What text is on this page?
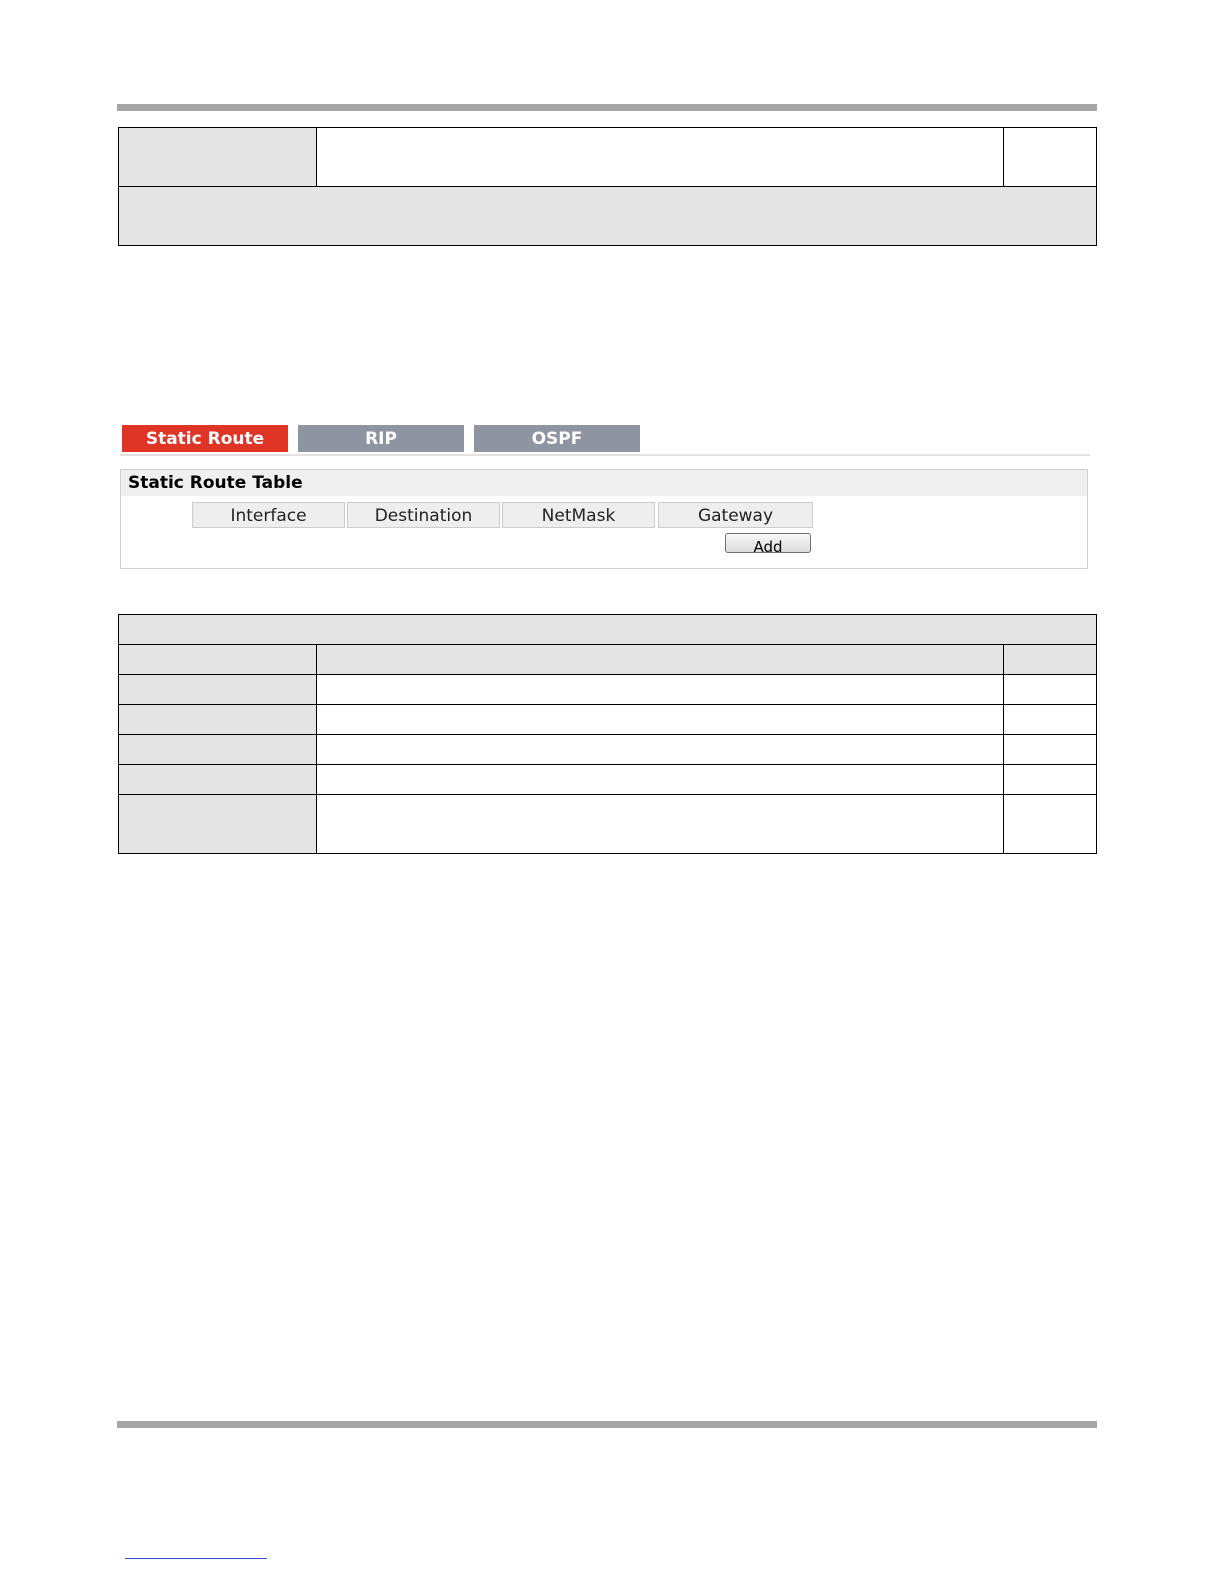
Static Route	RIP	OSPF
Static Route Table
Interface	Destination	NetMask	Gateway
Add
